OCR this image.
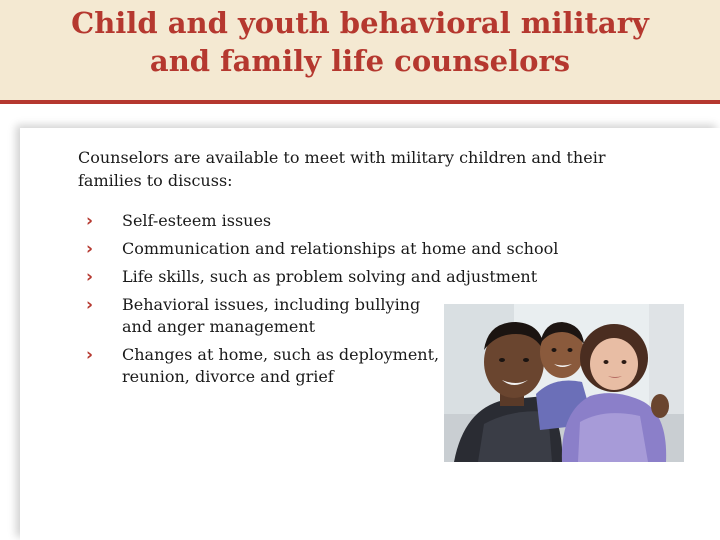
Child and youth behavioral military
and family life counselors

Counselors are available to meet with military children and their
families to discuss:

› Self-esteem issues
› Communication and relationships at home and school
› Life skills, such as problem solving and adjustment
› Behavioral issues, including bullying
and anger management
› Changes at home, such as deployment,
reunion, divorce and grief
